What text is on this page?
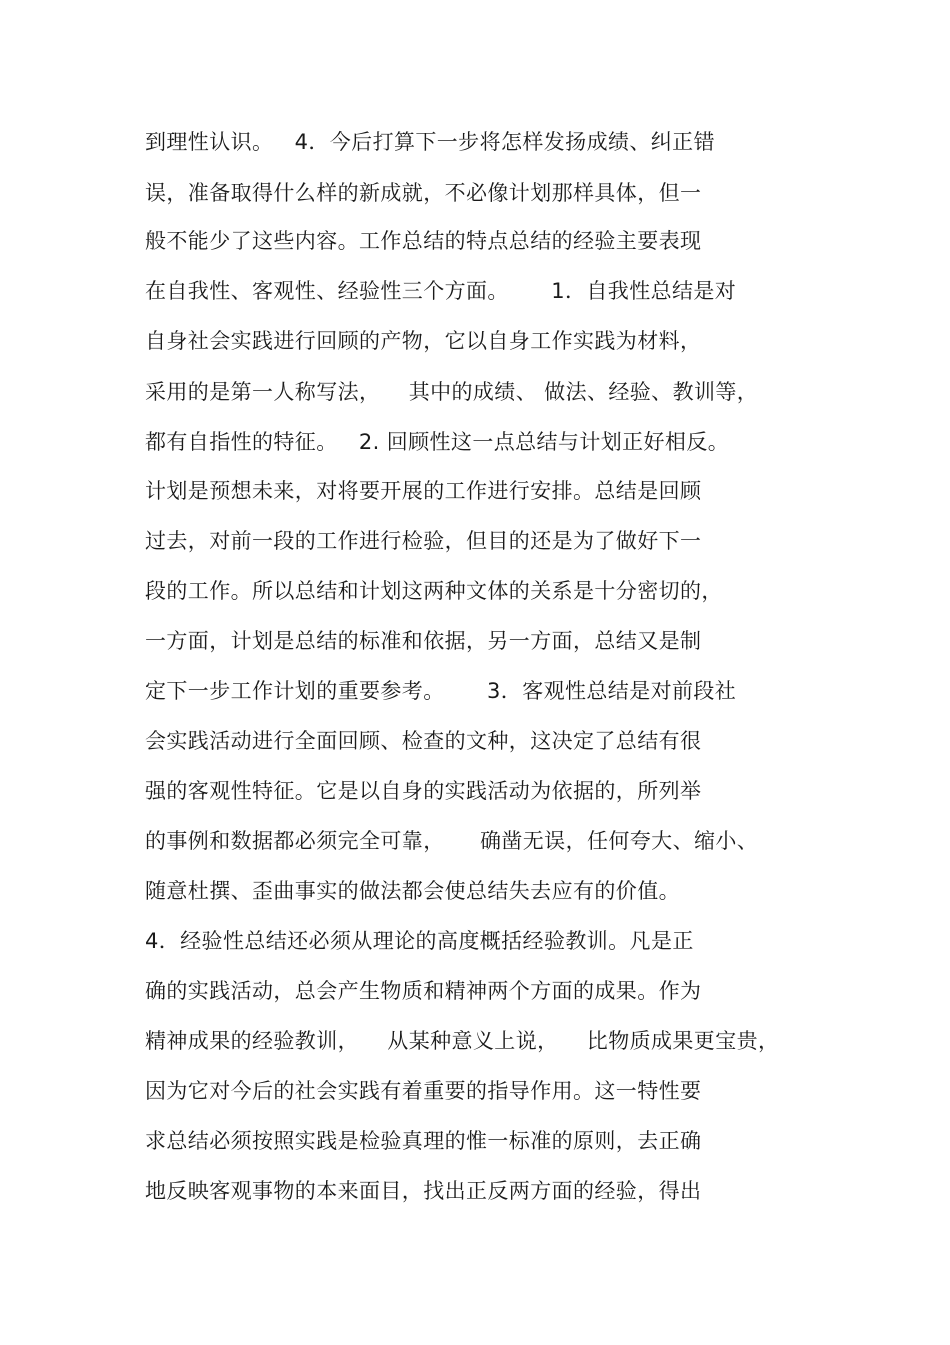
到理性认识。   4．今后打算下一步将怎样发扬成绩、纠正错
误，准备取得什么样的新成就，不必像计划那样具体，但一
般不能少了这些内容。工作总结的特点总结的经验主要表现
在自我性、客观性、经验性三个方面。      1．自我性总结是对
自身社会实践进行回顾的产物，它以自身工作实践为材料，
采用的是第一人称写法，    其中的成绩、 做法、经验、教训等，
都有自指性的特征。   2. 回顾性这一点总结与计划正好相反。
计划是预想未来，对将要开展的工作进行安排。总结是回顾
过去，对前一段的工作进行检验，但目的还是为了做好下一
段的工作。所以总结和计划这两种文体的关系是十分密切的，
一方面，计划是总结的标准和依据，另一方面，总结又是制
定下一步工作计划的重要参考。      3．客观性总结是对前段社
会实践活动进行全面回顾、检查的文种，这决定了总结有很
强的客观性特征。它是以自身的实践活动为依据的，所列举
的事例和数据都必须完全可靠，     确凿无误，任何夸大、缩小、
随意杜撰、歪曲事实的做法都会使总结失去应有的价值。
4．经验性总结还必须从理论的高度概括经验教训。凡是正
确的实践活动，总会产生物质和精神两个方面的成果。作为
精神成果的经验教训，    从某种意义上说，    比物质成果更宝贵，
因为它对今后的社会实践有着重要的指导作用。这一特性要
求总结必须按照实践是检验真理的惟一标准的原则，去正确
地反映客观事物的本来面目，找出正反两方面的经验，得出
